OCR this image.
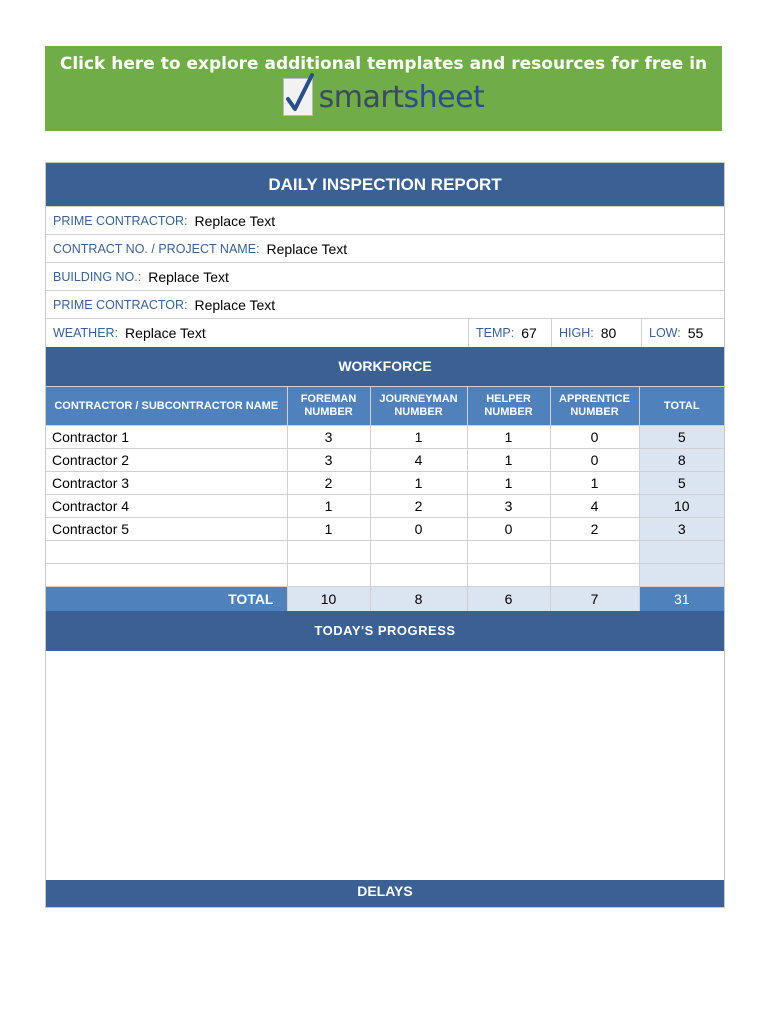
Click here to explore additional templates and resources for free in
smartsheet
DAILY INSPECTION REPORT
PRIME CONTRACTOR: Replace Text
CONTRACT NO. / PROJECT NAME: Replace Text
BUILDING NO.: Replace Text
PRIME CONTRACTOR: Replace Text
WEATHER: Replace Text	TEMP: 67 HIGH: 80	LOW: 55
WORKFORCE
CONTRACTOR / SUBCONTRACTOR NAME	FOREMAN NUMBER	JOURNEYMAN NUMBER	HELPER NUMBER	APPRENTICE NUMBER	TOTAL
Contractor 1	3	1	1	0	5
Contractor 2	3	4	1	0	8
Contractor 3	2	1	1	1	5
Contractor 4	1	2	3	4	10
Contractor 5	1	0	0	2	3

TOTAL	10	8	6	7	31
TODAY'S PROGRESS
DELAYS
